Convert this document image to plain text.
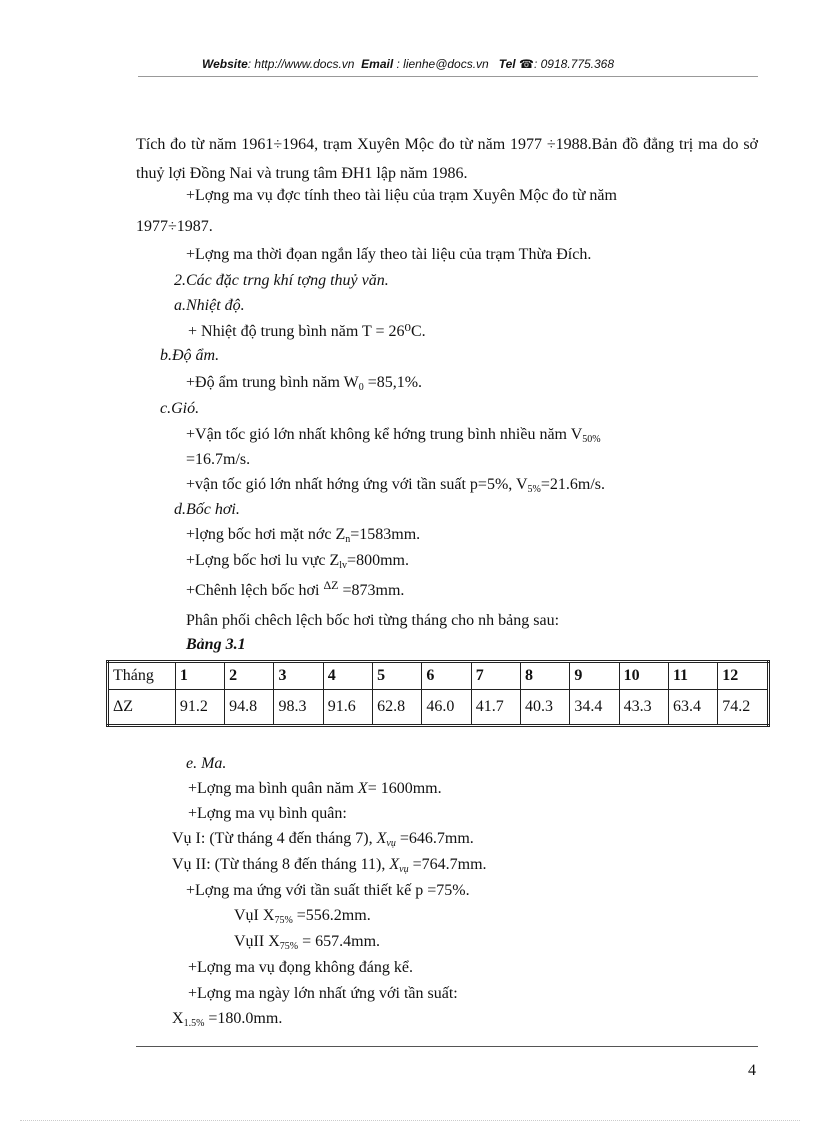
Website: http://www.docs.vn Email : lienhe@docs.vn Tel ☎: 0918.775.368
Tích đo từ năm 1961÷1964, trạm Xuyên Mộc đo từ năm 1977 ÷1988.Bản đồ đẳng trị ma do sở thuỷ lợi Đồng Nai và trung tâm ĐH1 lập năm 1986.
+Lợng ma vụ đợc tính theo tài liệu của trạm Xuyên Mộc đo từ năm
1977÷1987.
+Lợng ma thời đọan ngắn lấy theo tài liệu của trạm Thừa Đích.
2.Các đặc trng khí tợng thuỷ văn.
a.Nhiệt độ.
+ Nhiệt độ trung bình năm T = 26⁰C.
b.Độ ẩm.
+Độ ẩm trung bình năm $W_0 =85,1\%$.
c.Gió.
+Vận tốc gió lớn nhất không kể hớng trung bình nhiều năm $V_{50\%}$
=16.7m/s.
+vận tốc gió lớn nhất hớng ứng với tần suất p=5%, $V_{5\%}=21.6m/s$.
d.Bốc hơi.
+lợng bốc hơi mặt nớc $Z_n=1583mm$.
+Lợng bốc hơi lu vực $Z_{lv}=800mm$.
+Chênh lệch bốc hơi $^{\Delta Z}$ =873mm.
Phân phối chêch lệch bốc hơi từng tháng cho nh bảng sau:
Bảng 3.1
Tháng	1	2	3	4	5	6	7	8	9	10	11	12
ΔZ	91.2	94.8	98.3	91.6	62.8	46.0	41.7	40.3	34.4	43.3	63.4	74.2
e. Ma.
+Lợng ma bình quân năm X= 1600mm.
+Lợng ma vụ bình quân:
Vụ I: (Từ tháng 4 đến tháng 7), $X_{vụ} =646.7mm$.
Vụ II: (Từ tháng 8 đến tháng 11), $X_{vụ} =764.7mm$.
+Lợng ma ứng với tần suất thiết kế p =75%.
VụI $X_{75\%} =556.2mm$.
VụII $X_{75\%} = 657.4mm$.
+Lợng ma vụ đọng không đáng kể.
+Lợng ma ngày lớn nhất ứng với tần suất:
$X_{1.5\%} =180.0mm$.
4
